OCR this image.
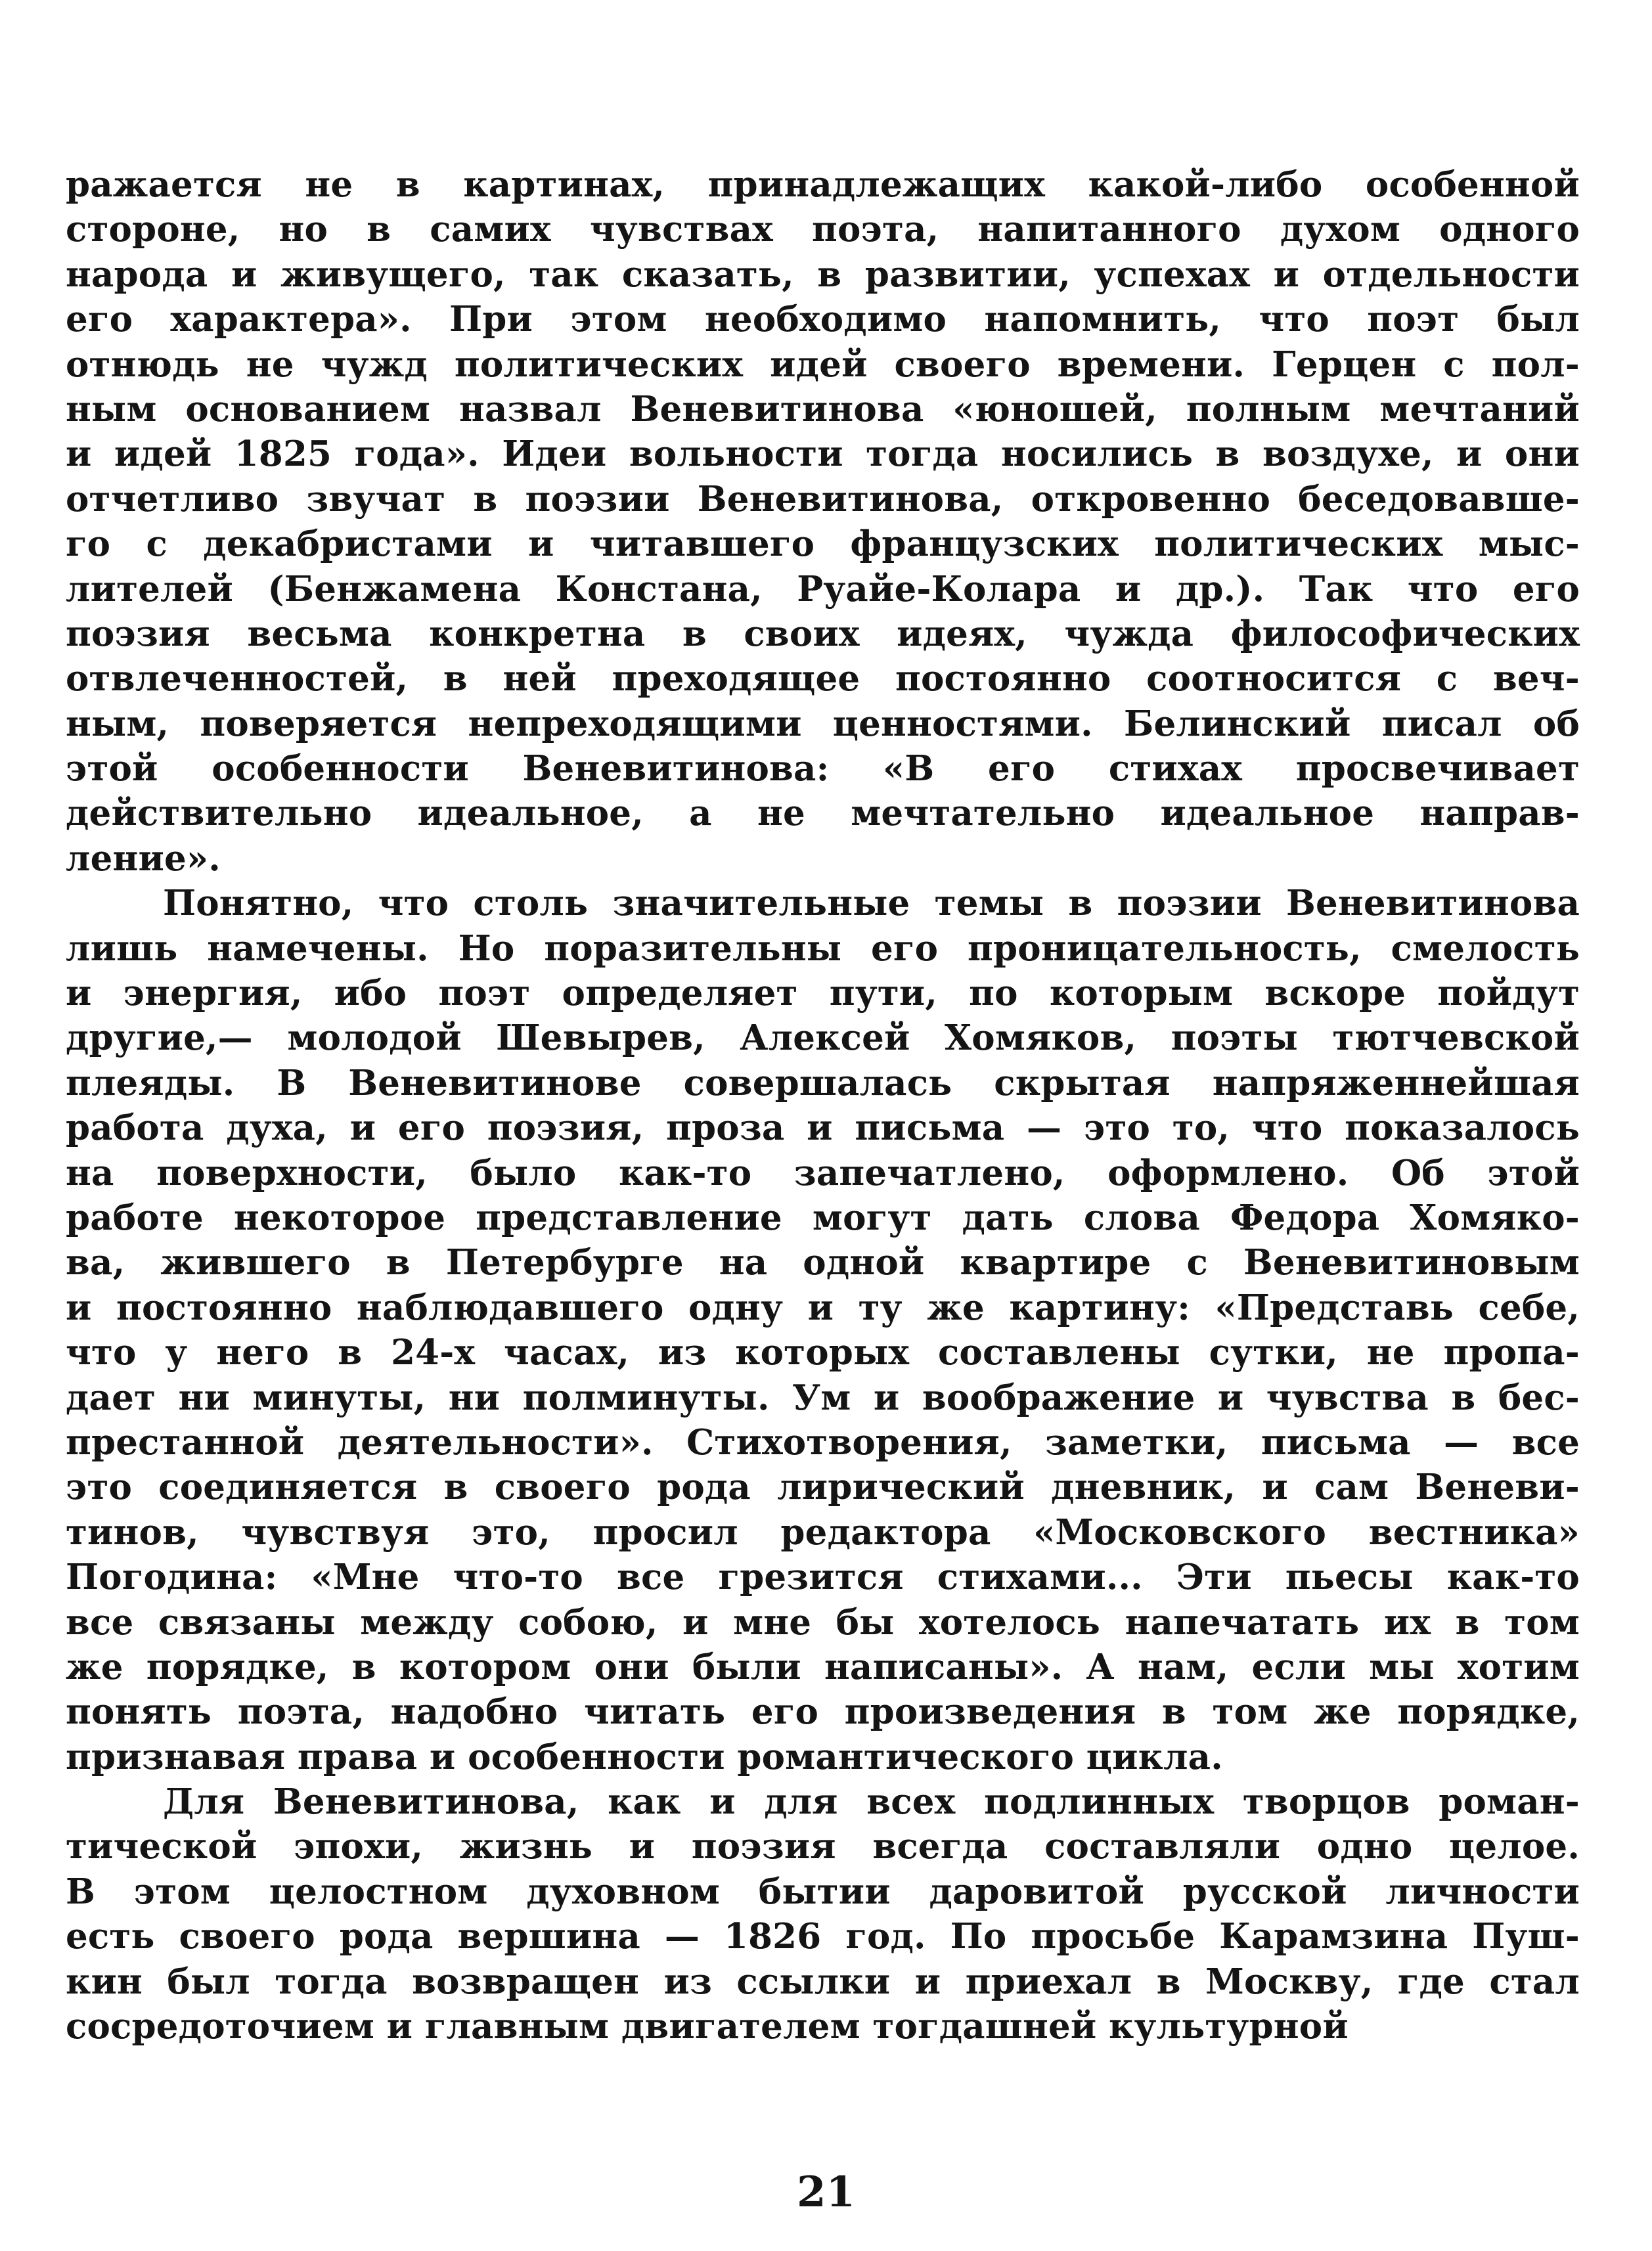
ражается не в картинах, принадлежащих какой-либо особенной
стороне, но в самих чувствах поэта, напитанного духом одного
народа и живущего, так сказать, в развитии, успехах и отдельности
его характера». При этом необходимо напомнить, что поэт был
отнюдь не чужд политических идей своего времени. Герцен с пол-
ным основанием назвал Веневитинова «юношей, полным мечтаний
и идей 1825 года». Идеи вольности тогда носились в воздухе, и они
отчетливо звучат в поэзии Веневитинова, откровенно беседовавше-
го с декабристами и читавшего французских политических мыс-
лителей (Бенжамена Констана, Руайе-Колара и др.). Так что его
поэзия весьма конкретна в своих идеях, чужда философических
отвлеченностей, в ней преходящее постоянно соотносится с веч-
ным, поверяется непреходящими ценностями. Белинский писал об
этой особенности Веневитинова: «В его стихах просвечивает
действительно идеальное, а не мечтательно идеальное направ-
ление».
Понятно, что столь значительные темы в поэзии Веневитинова
лишь намечены. Но поразительны его проницательность, смелость
и энергия, ибо поэт определяет пути, по которым вскоре пойдут
другие,— молодой Шевырев, Алексей Хомяков, поэты тютчевской
плеяды. В Веневитинове совершалась скрытая напряженнейшая
работа духа, и его поэзия, проза и письма — это то, что показалось
на поверхности, было как-то запечатлено, оформлено. Об этой
работе некоторое представление могут дать слова Федора Хомяко-
ва, жившего в Петербурге на одной квартире с Веневитиновым
и постоянно наблюдавшего одну и ту же картину: «Представь себе,
что у него в 24-х часах, из которых составлены сутки, не пропа-
дает ни минуты, ни полминуты. Ум и воображение и чувства в бес-
престанной деятельности». Стихотворения, заметки, письма — все
это соединяется в своего рода лирический дневник, и сам Веневи-
тинов, чувствуя это, просил редактора «Московского вестника»
Погодина: «Мне что-то все грезится стихами... Эти пьесы как-то
все связаны между собою, и мне бы хотелось напечатать их в том
же порядке, в котором они были написаны». А нам, если мы хотим
понять поэта, надобно читать его произведения в том же порядке,
признавая права и особенности романтического цикла.
Для Веневитинова, как и для всех подлинных творцов роман-
тической эпохи, жизнь и поэзия всегда составляли одно целое.
В этом целостном духовном бытии даровитой русской личности
есть своего рода вершина — 1826 год. По просьбе Карамзина Пуш-
кин был тогда возвращен из ссылки и приехал в Москву, где стал
сосредоточием и главным двигателем тогдашней культурной
21
